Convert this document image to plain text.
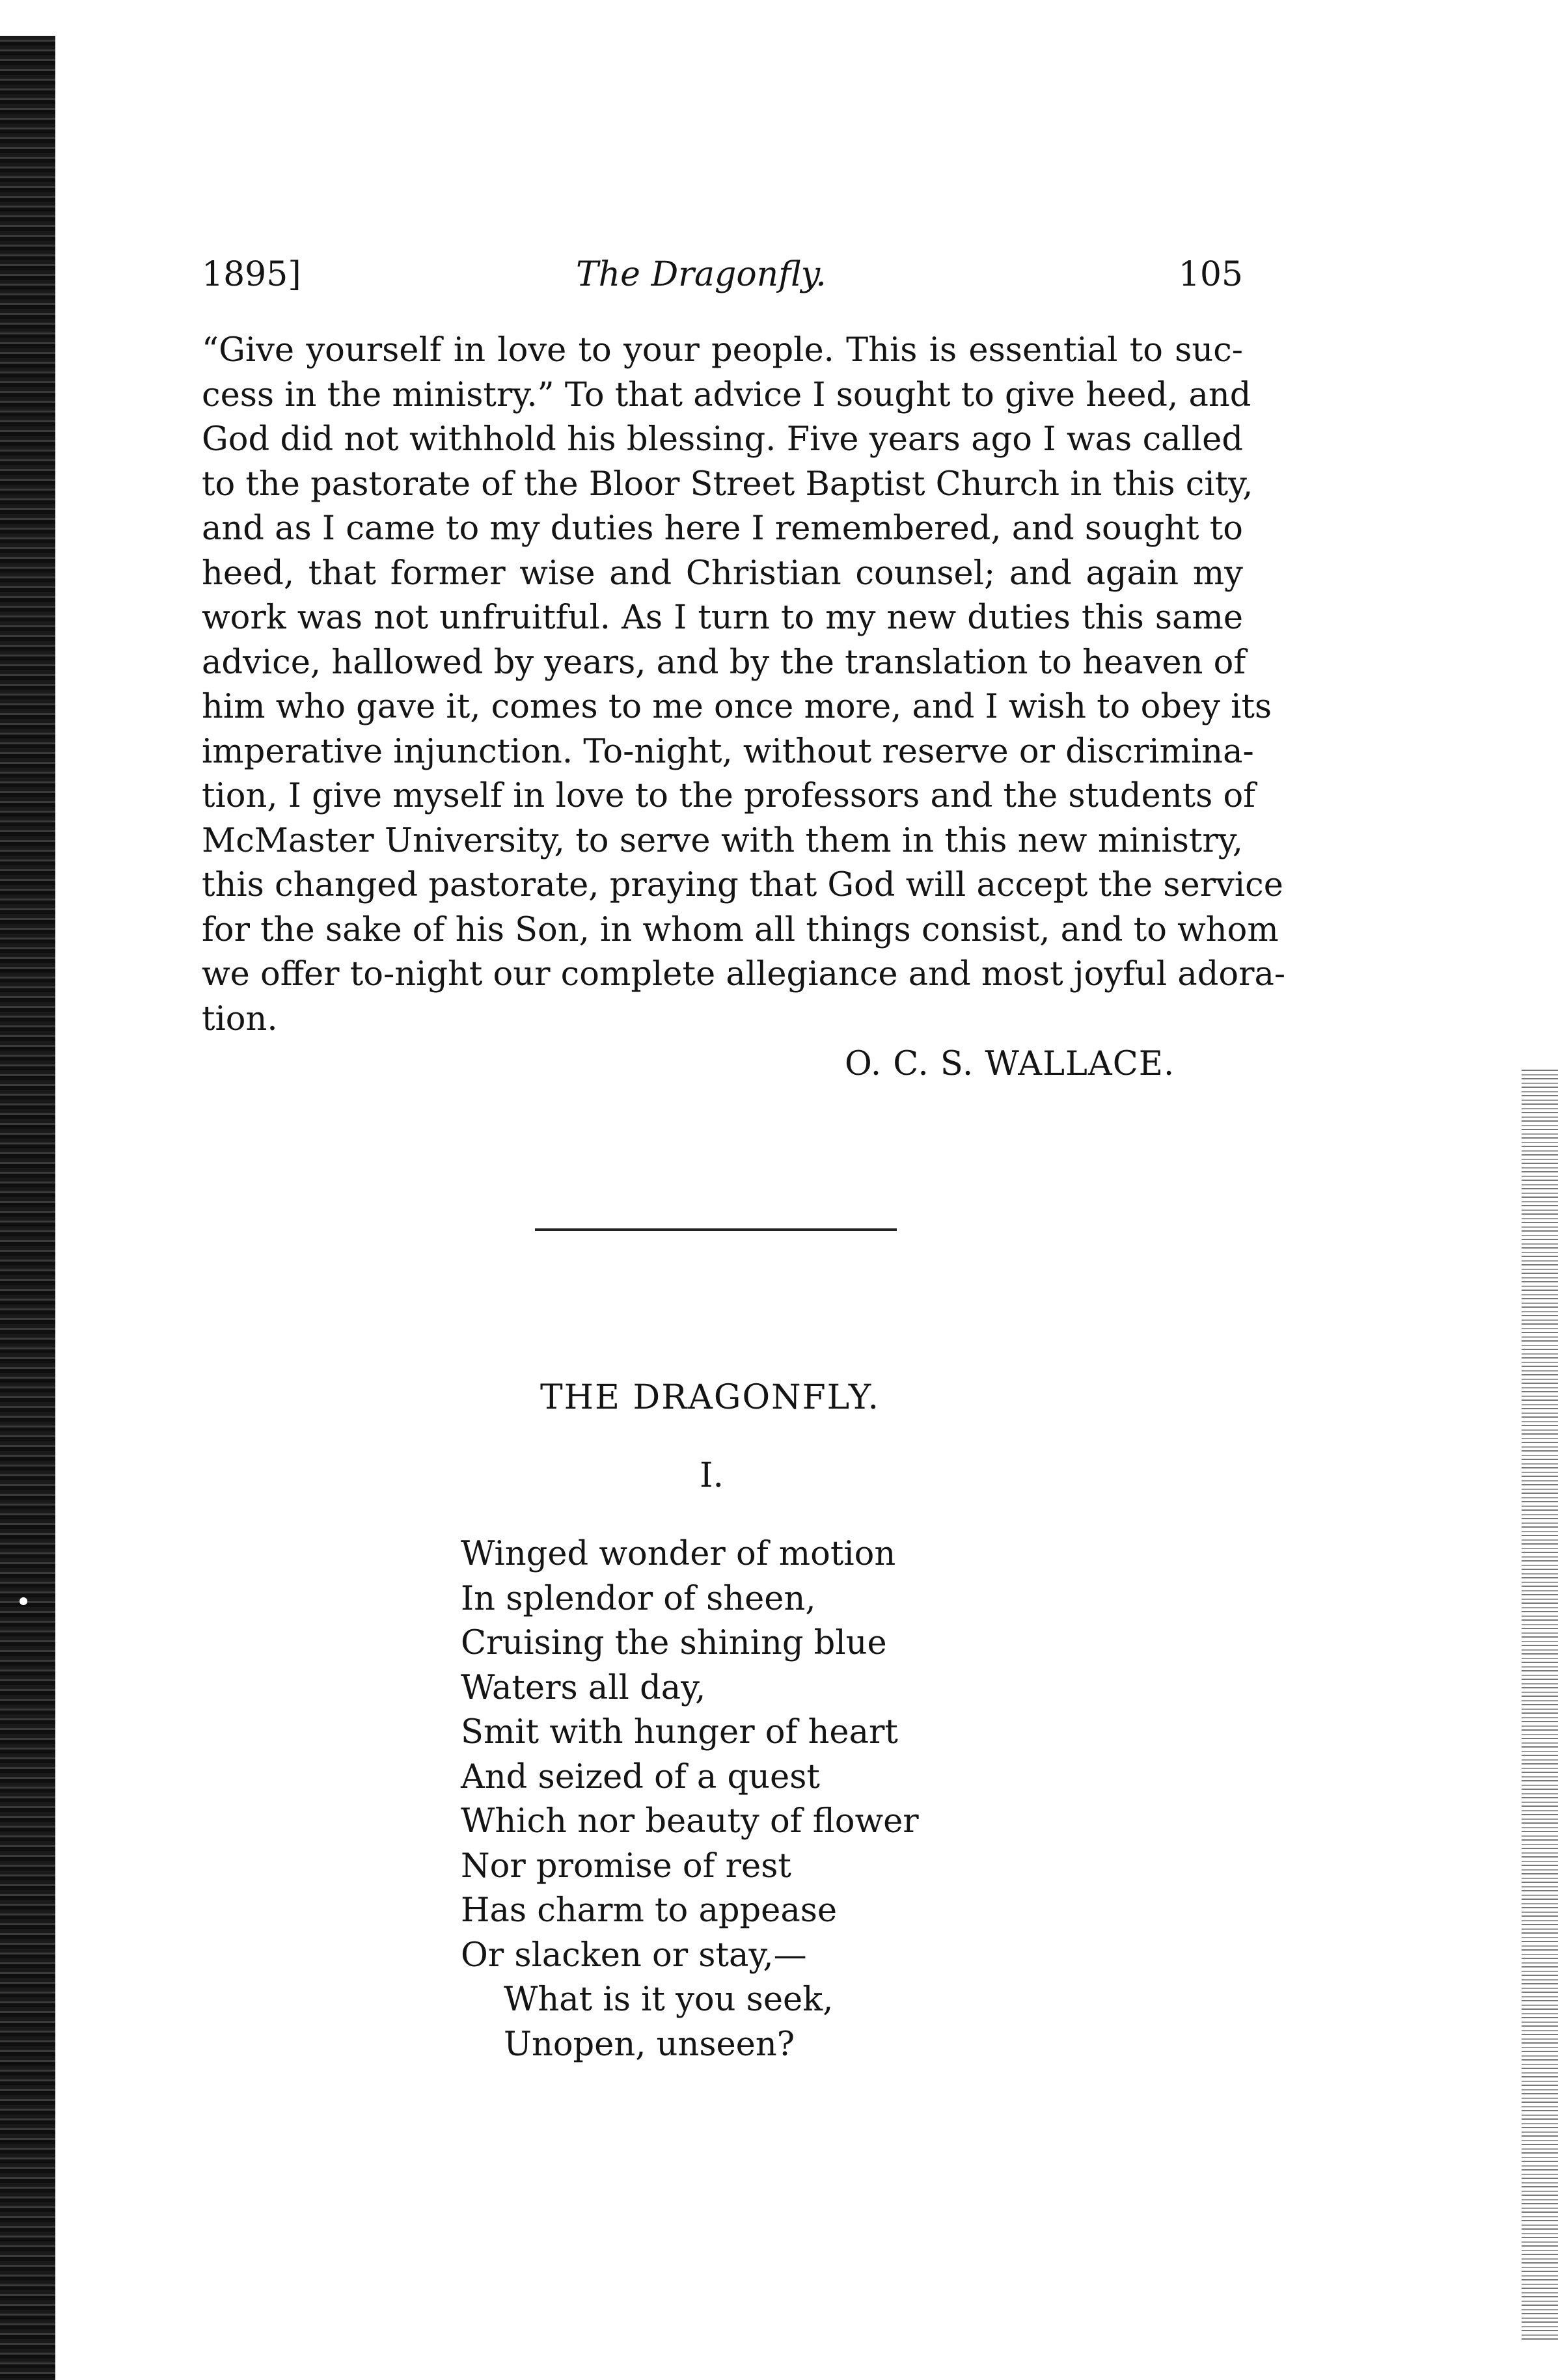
1895]	The Dragonfly.	105
“Give yourself in love to your people. This is essential to suc-
cess in the ministry.” To that advice I sought to give heed, and
God did not withhold his blessing. Five years ago I was called
to the pastorate of the Bloor Street Baptist Church in this city,
and as I came to my duties here I remembered, and sought to
heed, that former wise and Christian counsel; and again my
work was not unfruitful. As I turn to my new duties this same
advice, hallowed by years, and by the translation to heaven of
him who gave it, comes to me once more, and I wish to obey its
imperative injunction. To-night, without reserve or discrimina-
tion, I give myself in love to the professors and the students of
McMaster University, to serve with them in this new ministry,
this changed pastorate, praying that God will accept the service
for the sake of his Son, in whom all things consist, and to whom
we offer to-night our complete allegiance and most joyful adora-
tion.
O. C. S. WALLACE.
THE DRAGONFLY.
I.
Winged wonder of motion
In splendor of sheen,
Cruising the shining blue
Waters all day,
Smit with hunger of heart
And seized of a quest
Which nor beauty of flower
Nor promise of rest
Has charm to appease
Or slacken or stay,—
What is it you seek,
Unopen, unseen?
